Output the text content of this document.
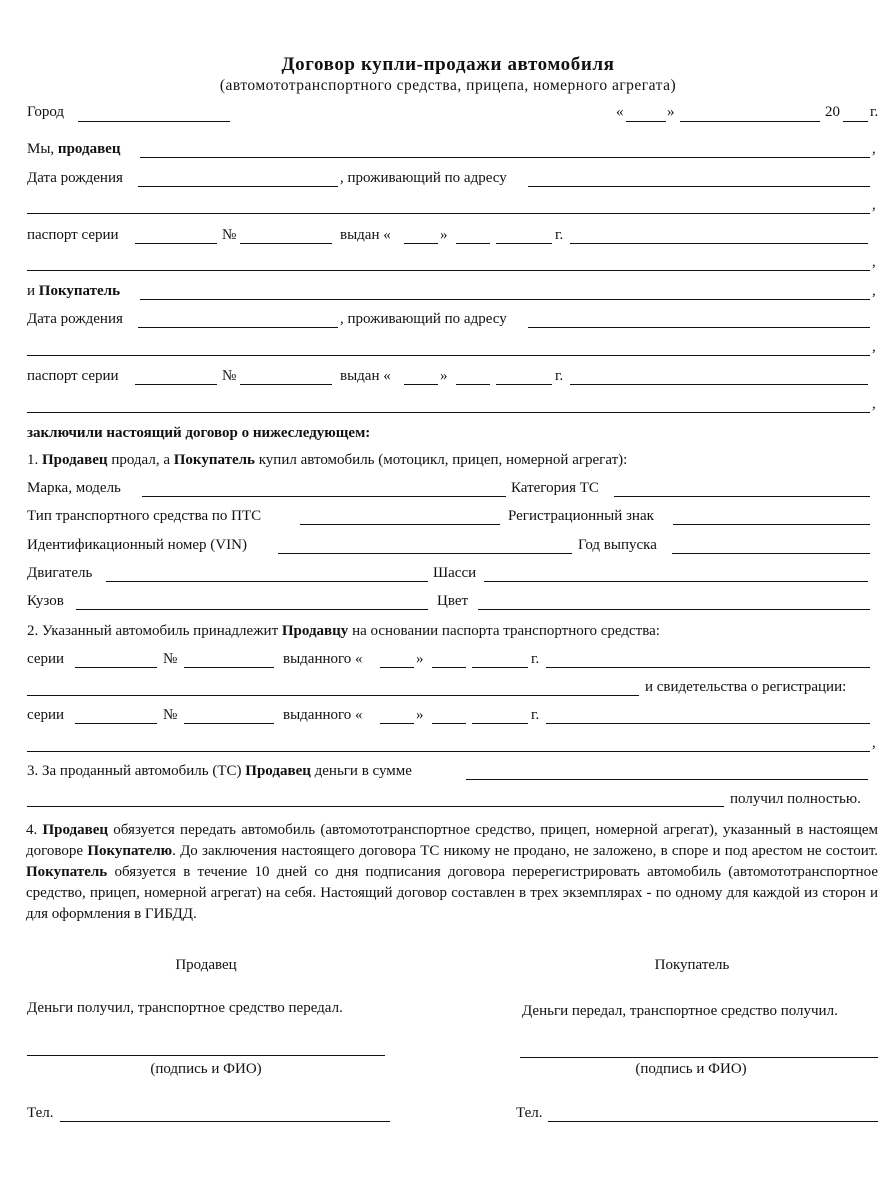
Договор купли-продажи автомобиля
(автомототранспортного средства, прицепа, номерного агрегата)
Город	«	»	20 г.
Мы, продавец	,
Дата рождения	, проживающий по адресу
,
паспорт серии	№	выдан «	»	г.
,
и Покупатель	,
Дата рождения	, проживающий по адресу
,
паспорт серии	№	выдан «	»	г.
,
заключили настоящий договор о нижеследующем:
1. Продавец продал, а Покупатель купил автомобиль (мотоцикл, прицеп, номерной агрегат):
Марка, модель	Категория ТС
Тип транспортного средства по ПТС	Регистрационный знак
Идентификационный номер (VIN)	Год выпуска
Двигатель	Шасси
Кузов	Цвет
2. Указанный автомобиль принадлежит Продавцу на основании паспорта транспортного средства:
серии	№	выданного «	»	г.
и свидетельства о регистрации:
серии	№	выданного «	»	г.
,
3. За проданный автомобиль (ТС) Продавец деньги в сумме
получил полностью.
4. Продавец обязуется передать автомобиль (автомототранспортное средство, прицеп, номерной агрегат), указанный в настоящем договоре Покупателю. До заключения настоящего договора ТС никому не продано, не заложено, в споре и под арестом не состоит. Покупатель обязуется в течение 10 дней со дня подписания договора перерегистрировать автомобиль (автомототранспортное средство, прицеп, номерной агрегат) на себя. Настоящий договор составлен в трех экземплярах - по одному для каждой из сторон и для оформления в ГИБДД.
Продавец	Покупатель
Деньги получил, транспортное средство передал.	Деньги передал, транспортное средство получил.
(подпись и ФИО)	(подпись и ФИО)
Тел.	Тел.
